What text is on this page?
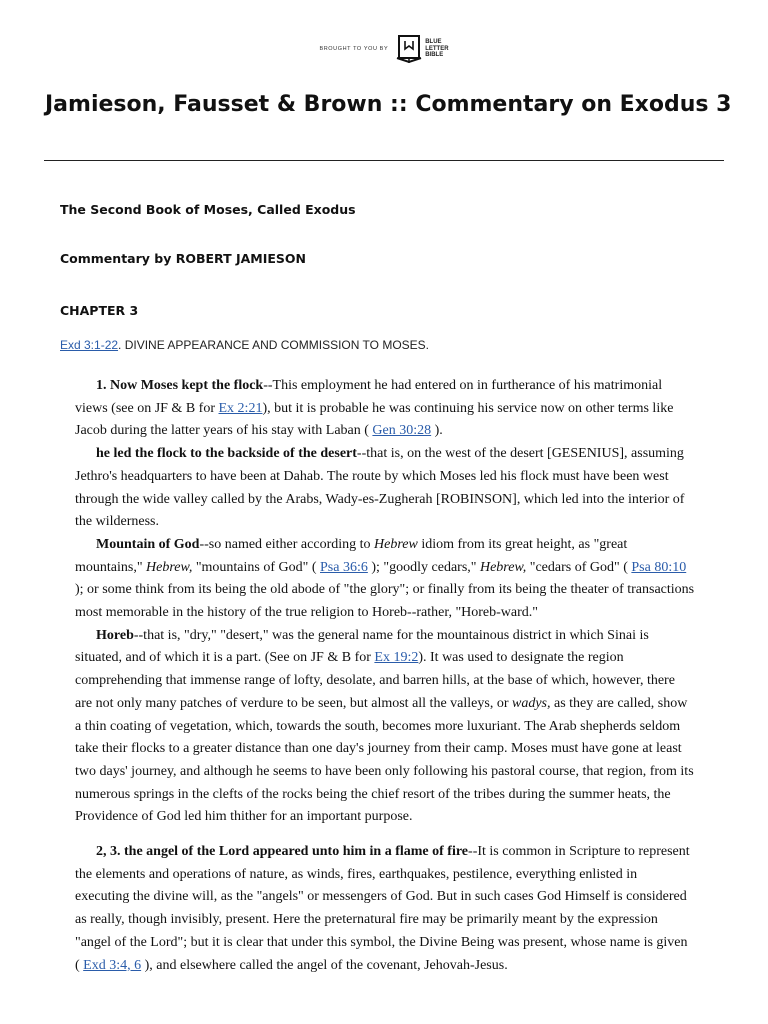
BROUGHT TO YOU BY
BLUE
LETTER
BIBLE
Jamieson, Fausset & Brown :: Commentary on Exodus 3
The Second Book of Moses, Called Exodus
Commentary by ROBERT JAMIESON
CHAPTER 3
Exd 3:1-22. DIVINE APPEARANCE AND COMMISSION TO MOSES.

1. Now Moses kept the flock--This employment he had entered on in furtherance of his matrimonial views (see on JF & B for Ex 2:21), but it is probable he was continuing his service now on other terms like Jacob during the latter years of his stay with Laban ( Gen 30:28 ).

he led the flock to the backside of the desert--that is, on the west of the desert [GESENIUS], assuming Jethro's headquarters to have been at Dahab. The route by which Moses led his flock must have been west through the wide valley called by the Arabs, Wady-es-Zugherah [ROBINSON], which led into the interior of the wilderness.

Mountain of God--so named either according to Hebrew idiom from its great height, as "great mountains," Hebrew, "mountains of God" ( Psa 36:6 ); "goodly cedars," Hebrew, "cedars of God" ( Psa 80:10 ); or some think from its being the old abode of "the glory"; or finally from its being the theater of transactions most memorable in the history of the true religion to Horeb--rather, "Horeb-ward."

Horeb--that is, "dry," "desert," was the general name for the mountainous district in which Sinai is situated, and of which it is a part. (See on JF & B for Ex 19:2). It was used to designate the region comprehending that immense range of lofty, desolate, and barren hills, at the base of which, however, there are not only many patches of verdure to be seen, but almost all the valleys, or wadys, as they are called, show a thin coating of vegetation, which, towards the south, becomes more luxuriant. The Arab shepherds seldom take their flocks to a greater distance than one day's journey from their camp. Moses must have gone at least two days' journey, and although he seems to have been only following his pastoral course, that region, from its numerous springs in the clefts of the rocks being the chief resort of the tribes during the summer heats, the Providence of God led him thither for an important purpose.

2, 3. the angel of the Lord appeared unto him in a flame of fire--It is common in Scripture to represent the elements and operations of nature, as winds, fires, earthquakes, pestilence, everything enlisted in executing the divine will, as the "angels" or messengers of God. But in such cases God Himself is considered as really, though invisibly, present. Here the preternatural fire may be primarily meant by the expression "angel of the Lord"; but it is clear that under this symbol, the Divine Being was present, whose name is given ( Exd 3:4, 6 ), and elsewhere called the angel of the covenant, Jehovah-Jesus.
